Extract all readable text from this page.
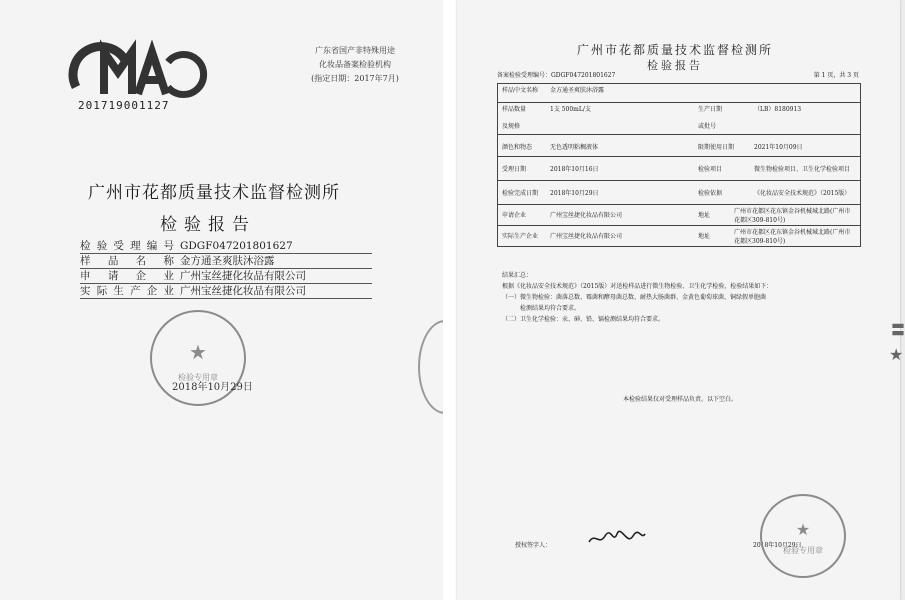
201719001127
广东省国产非特殊用途
化妆品备案检验机构
(指定日期：2017年7月)
广州市花都质量技术监督检测所
检验报告
检验受理编号 GDGF047201801627
样品名称 金方通圣爽肤沐浴露
申请企业 广州宝丝捷化妆品有限公司
实际生产企业 广州宝丝捷化妆品有限公司
★
检验专用章
2018年10月29日
广州市花都质量技术监督检测所
检验报告
备案检验受理编号：GDGF047201801627	第 1 页，共 3 页
样品中文名称 金方通圣爽肤沐浴露
样品数量	1支 500mL/支	生产日期	（LB）8180913
及规格	或批号
颜色和物态	无色透明粘稠液体	限期使用日期	2021年10月09日
受理日期	2018年10月16日	检验项目	微生物检验项目、卫生化学检验项目
检验完成日期 2018年10月29日	检验依据	《化妆品安全技术规范》（2015版）
申请企业	广州宝丝捷化妆品有限公司	地址
广州市花都区花东镇金谷机械城北路(广州市花都区309-810号)
实际生产企业 广州宝丝捷化妆品有限公司	地址
广州市花都区花东镇金谷机械城北路(广州市花都区309-810号)
结果汇总：
根据《化妆品安全技术规范》（2015版）对送检样品进行微生物检验、卫生化学检验，检验结果如下：
（一）微生物检验：菌落总数、霉菌和酵母菌总数、耐热大肠菌群、金黄色葡萄球菌、铜绿假单胞菌
检测结果均符合要求。
（二）卫生化学检验：汞、砷、铅、镉检测结果均符合要求。
本检验结果仅对受理样品负责。以下空白。
授权签字人：	2018年10月29日
★
检验专用章
〓
★
